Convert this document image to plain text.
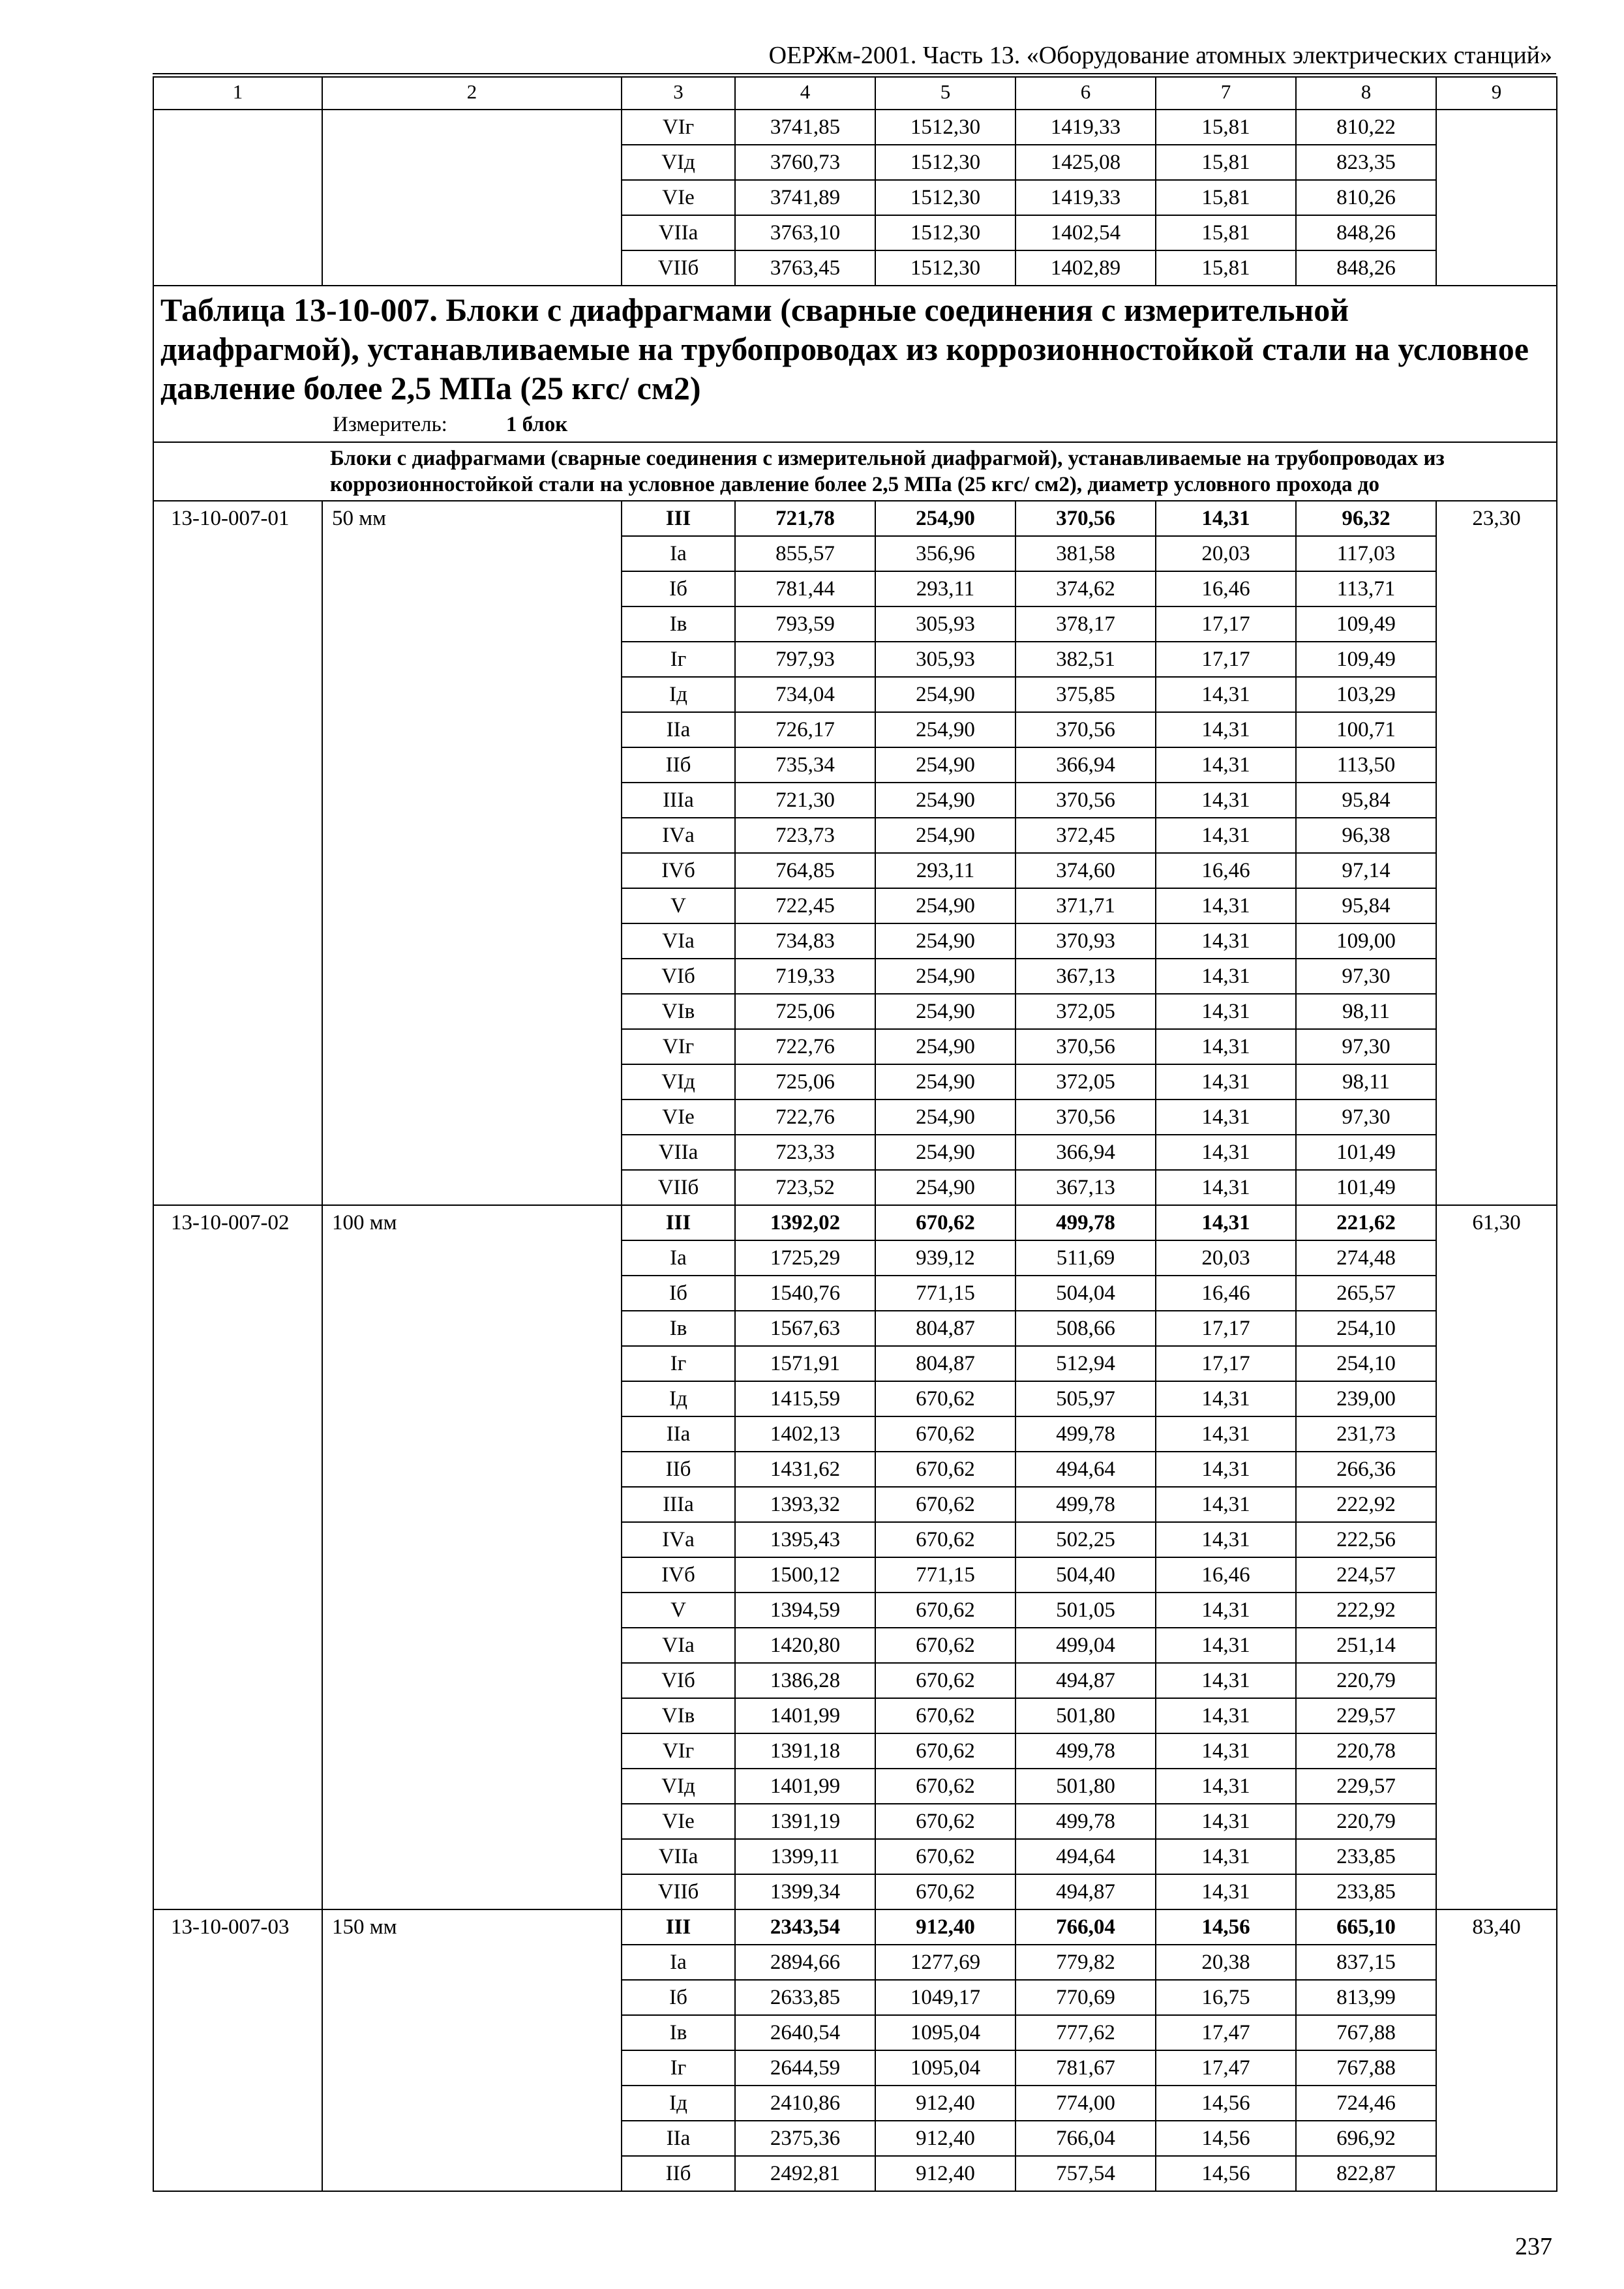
ОЕРЖм-2001. Часть 13. «Оборудование атомных электрических станций»
1	2	3	4	5	6	7	8	9
		VIг	3741,85	1512,30	1419,33	15,81	810,22	
		VIд	3760,73	1512,30	1425,08	15,81	823,35	
		VIе	3741,89	1512,30	1419,33	15,81	810,26	
		VIIа	3763,10	1512,30	1402,54	15,81	848,26	
		VIIб	3763,45	1512,30	1402,89	15,81	848,26	

Таблица 13-10-007. Блоки с диафрагмами (сварные соединения с измерительной диафрагмой), устанавливаемые на трубопроводах из коррозионностойкой стали на условное давление более 2,5 МПа (25 кгс/ см2)
Измеритель: 1 блок								

Блоки с диафрагмами (сварные соединения с измерительной диафрагмой), устанавливаемые на трубопроводах из коррозионностойкой стали на условное давление более 2,5 МПа (25 кгс/ см2), диаметр условного прохода до								
13-10-007-01	50 мм	III	721,78	254,90	370,56	14,31	96,32	23,30
		Iа	855,57	356,96	381,58	20,03	117,03	
		Iб	781,44	293,11	374,62	16,46	113,71	
		Iв	793,59	305,93	378,17	17,17	109,49	
		Iг	797,93	305,93	382,51	17,17	109,49	
		Iд	734,04	254,90	375,85	14,31	103,29	
		IIа	726,17	254,90	370,56	14,31	100,71	
		IIб	735,34	254,90	366,94	14,31	113,50	
		IIIа	721,30	254,90	370,56	14,31	95,84	
		IVа	723,73	254,90	372,45	14,31	96,38	
		IVб	764,85	293,11	374,60	16,46	97,14	
		V	722,45	254,90	371,71	14,31	95,84	
		VIа	734,83	254,90	370,93	14,31	109,00	
		VIб	719,33	254,90	367,13	14,31	97,30	
		VIв	725,06	254,90	372,05	14,31	98,11	
		VIг	722,76	254,90	370,56	14,31	97,30	
		VIд	725,06	254,90	372,05	14,31	98,11	
		VIе	722,76	254,90	370,56	14,31	97,30	
		VIIа	723,33	254,90	366,94	14,31	101,49	
		VIIб	723,52	254,90	367,13	14,31	101,49	
13-10-007-02	100 мм	III	1392,02	670,62	499,78	14,31	221,62	61,30
		Iа	1725,29	939,12	511,69	20,03	274,48	
		Iб	1540,76	771,15	504,04	16,46	265,57	
		Iв	1567,63	804,87	508,66	17,17	254,10	
		Iг	1571,91	804,87	512,94	17,17	254,10	
		Iд	1415,59	670,62	505,97	14,31	239,00	
		IIа	1402,13	670,62	499,78	14,31	231,73	
		IIб	1431,62	670,62	494,64	14,31	266,36	
		IIIа	1393,32	670,62	499,78	14,31	222,92	
		IVа	1395,43	670,62	502,25	14,31	222,56	
		IVб	1500,12	771,15	504,40	16,46	224,57	
		V	1394,59	670,62	501,05	14,31	222,92	
		VIа	1420,80	670,62	499,04	14,31	251,14	
		VIб	1386,28	670,62	494,87	14,31	220,79	
		VIв	1401,99	670,62	501,80	14,31	229,57	
		VIг	1391,18	670,62	499,78	14,31	220,78	
		VIд	1401,99	670,62	501,80	14,31	229,57	
		VIе	1391,19	670,62	499,78	14,31	220,79	
		VIIа	1399,11	670,62	494,64	14,31	233,85	
		VIIб	1399,34	670,62	494,87	14,31	233,85	
13-10-007-03	150 мм	III	2343,54	912,40	766,04	14,56	665,10	83,40
		Iа	2894,66	1277,69	779,82	20,38	837,15	
		Iб	2633,85	1049,17	770,69	16,75	813,99	
		Iв	2640,54	1095,04	777,62	17,47	767,88	
		Iг	2644,59	1095,04	781,67	17,47	767,88	
		Iд	2410,86	912,40	774,00	14,56	724,46	
		IIа	2375,36	912,40	766,04	14,56	696,92	
		IIб	2492,81	912,40	757,54	14,56	822,87	
237
